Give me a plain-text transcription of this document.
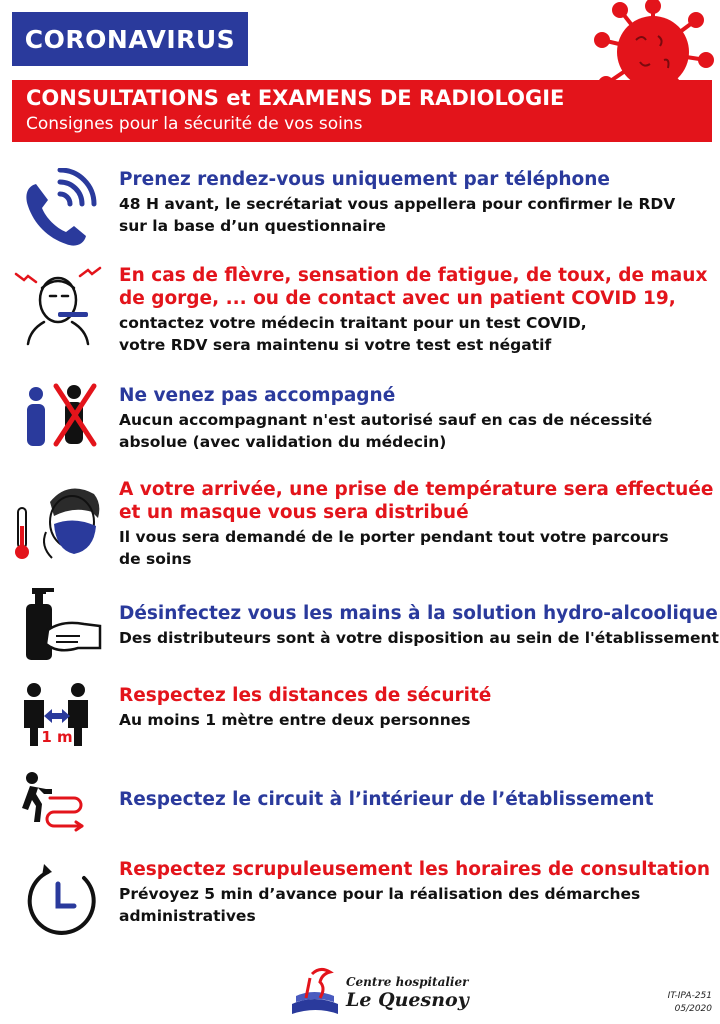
CORONAVIRUS
CONSULTATIONS et EXAMENS DE RADIOLOGIE
Consignes pour la sécurité de vos soins
Prenez rendez-vous uniquement par téléphone
48 H avant, le secrétariat vous appellera pour confirmer le RDV
sur la base d’un questionnaire
En cas de flèvre, sensation de fatigue, de toux, de maux
de gorge, ... ou de contact avec un patient COVID 19,
contactez votre médecin traitant pour un test COVID,
votre RDV sera maintenu si votre test est négatif
Ne venez pas accompagné
Aucun accompagnant n'est autorisé sauf en cas de nécessité
absolue (avec validation du médecin)
A votre arrivée, une prise de température sera effectuée
et un masque vous sera distribué
Il vous sera demandé de le porter pendant tout votre parcours
de soins
Désinfectez vous les mains à la solution hydro-alcoolique
Des distributeurs sont à votre disposition au sein de l'établissement
1 m
Respectez les distances de sécurité
Au moins 1 mètre entre deux personnes
Respectez le circuit à l’intérieur de l’établissement
Respectez scrupuleusement les horaires de consultation
Prévoyez 5 min d’avance pour la réalisation des démarches
administratives
Centre hospitalier
Le Quesnoy	IT-IPA-251
05/2020
